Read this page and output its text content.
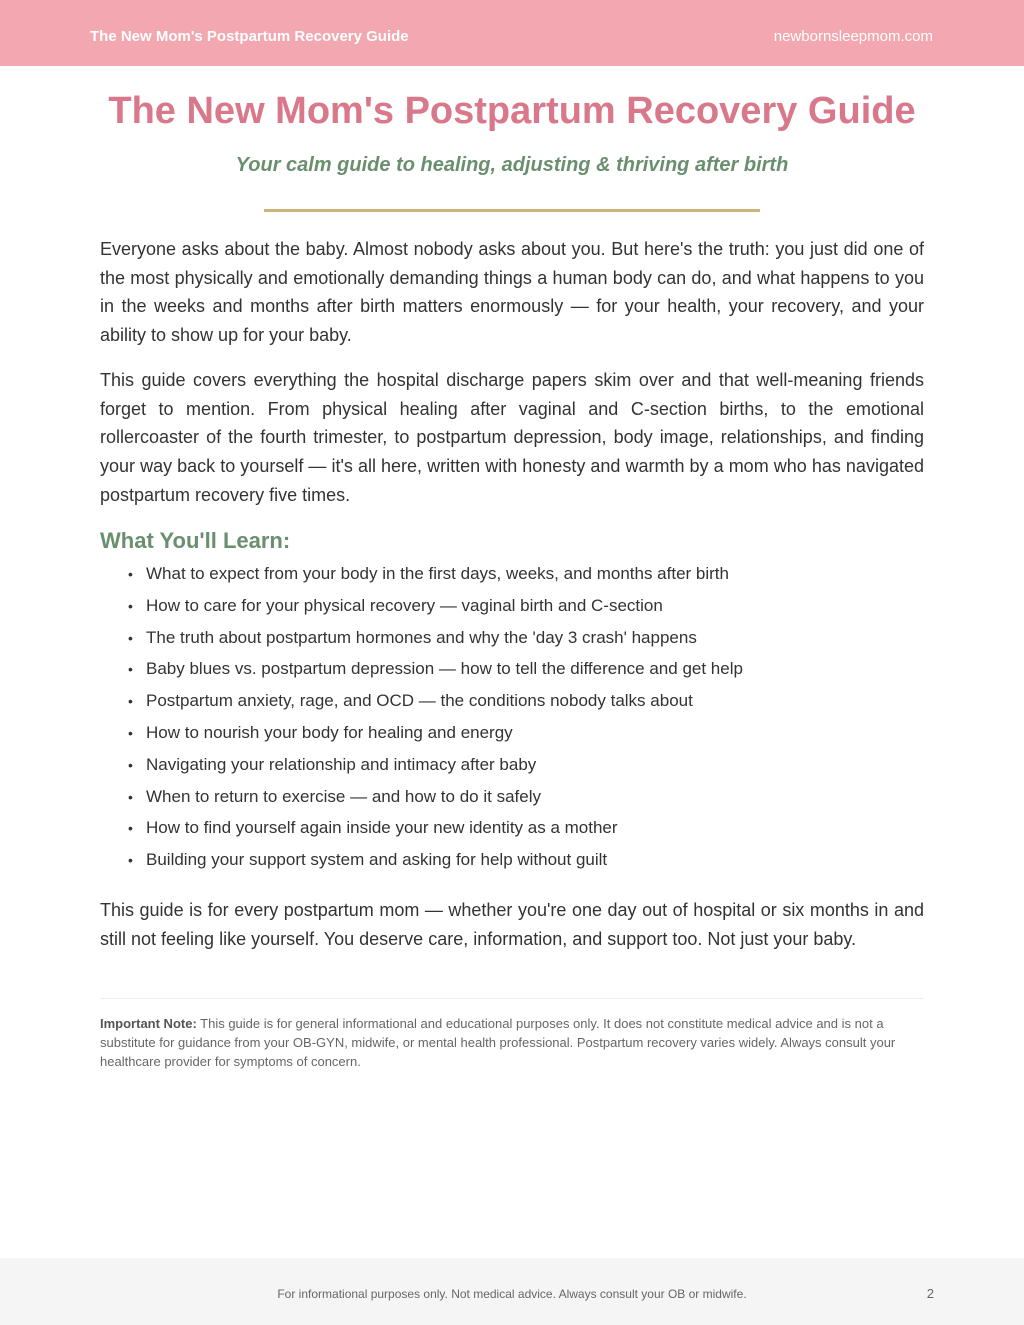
The New Mom's Postpartum Recovery Guide	newbornsleepmom.com
The New Mom's Postpartum Recovery Guide
Your calm guide to healing, adjusting & thriving after birth

Everyone asks about the baby. Almost nobody asks about you. But here's the truth: you just did one of the most physically and emotionally demanding things a human body can do, and what happens to you in the weeks and months after birth matters enormously — for your health, your recovery, and your ability to show up for your baby.

This guide covers everything the hospital discharge papers skim over and that well-meaning friends forget to mention. From physical healing after vaginal and C-section births, to the emotional rollercoaster of the fourth trimester, to postpartum depression, body image, relationships, and finding your way back to yourself — it's all here, written with honesty and warmth by a mom who has navigated postpartum recovery five times.

What You'll Learn:
• What to expect from your body in the first days, weeks, and months after birth
• How to care for your physical recovery — vaginal birth and C-section
• The truth about postpartum hormones and why the 'day 3 crash' happens
• Baby blues vs. postpartum depression — how to tell the difference and get help
• Postpartum anxiety, rage, and OCD — the conditions nobody talks about
• How to nourish your body for healing and energy
• Navigating your relationship and intimacy after baby
• When to return to exercise — and how to do it safely
• How to find yourself again inside your new identity as a mother
• Building your support system and asking for help without guilt

This guide is for every postpartum mom — whether you're one day out of hospital or six months in and still not feeling like yourself. You deserve care, information, and support too. Not just your baby.

Important Note: This guide is for general informational and educational purposes only. It does not constitute medical advice and is not a substitute for guidance from your OB-GYN, midwife, or mental health professional. Postpartum recovery varies widely. Always consult your healthcare provider for symptoms of concern.

For informational purposes only. Not medical advice. Always consult your OB or midwife.	2
